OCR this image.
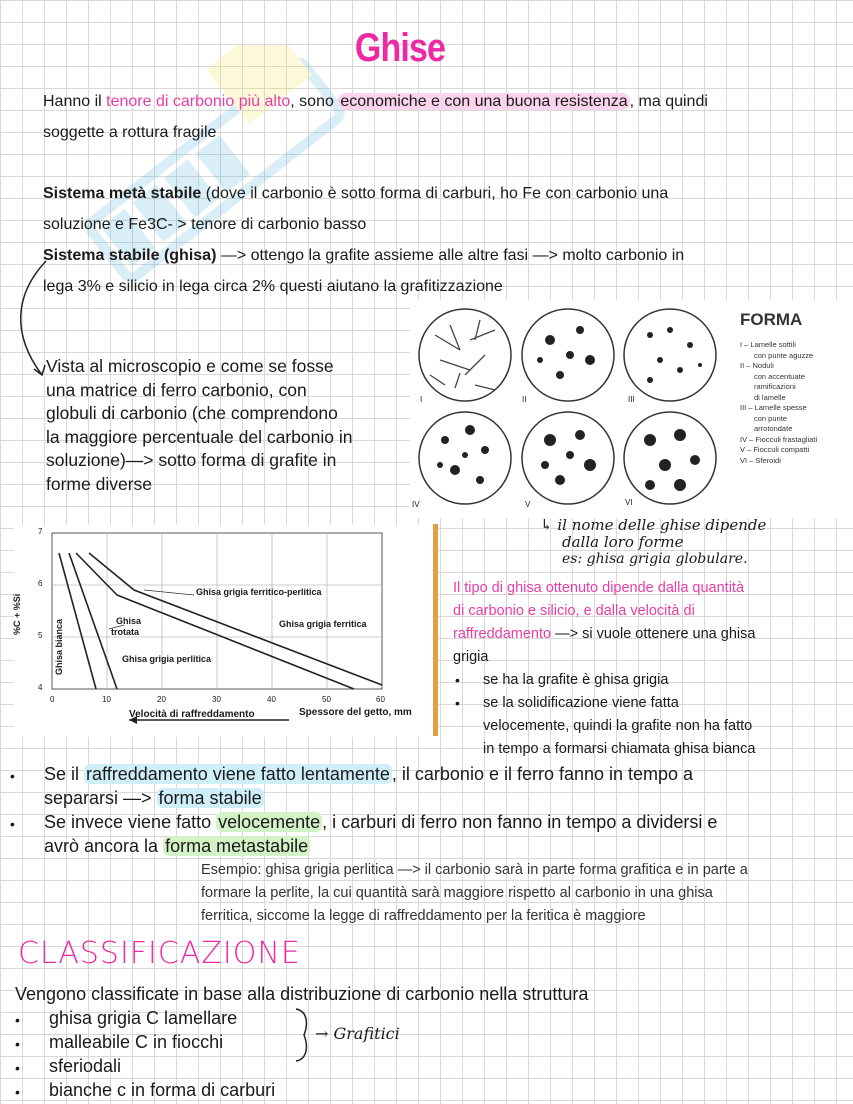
Ghise
Hanno il tenore di carbonio più alto, sono economiche e con una buona resistenza , ma quindi
soggette a rottura fragile
Sistema metà stabile (dove il carbonio è sotto forma di carburi, ho Fe con carbonio una
soluzione e Fe3C- > tenore di carbonio basso
Sistema stabile (ghisa) —> ottengo la grafite assieme alle altre fasi —> molto carbonio in
lega 3% e silicio in lega circa 2% questi aiutano la grafitizzazione
Vista al microscopio e come se fosse
una matrice di ferro carbonio, con
globuli di carbonio (che comprendono
la maggiore percentuale del carbonio in
soluzione)—> sotto forma di grafite in
forme diverse
I	II	III
IV	V	VI
FORMA
I – Lamelle sottili
con punte aguzze
II – Noduli
con accentuate
ramificazioni
di lamelle
III – Lamelle spesse
con punte
arrotondate
IV – Fiocculi frastagliati
V – Fiocculi compatti
VI – Sferoidi
↳ il nome delle ghise dipende
dalla loro forme
es: ghisa grigia globulare.
%C + %Si
7
6
5
4
0	10	20	30	40	50	60
Velocità di raffreddamento	Spessore del getto, mm
Ghisa grigia ferritico-perlitica
Ghisa grigia ferritica
Ghisa
trotata
Ghisa grigia perlitica
Ghisa bianca
Il tipo di ghisa ottenuto dipende dalla quantità
di carbonio e silicio, e dalla velocità di
raffreddamento —> si vuole ottenere una ghisa
grigia
• se ha la grafite è ghisa grigia
• se la solidificazione viene fatta
velocemente, quindi la grafite non ha fatto
in tempo a formarsi chiamata ghisa bianca
• Se il raffreddamento viene fatto lentamente , il carbonio e il ferro fanno in tempo a
separarsi —> forma stabile
• Se invece viene fatto velocemente , i carburi di ferro non fanno in tempo a dividersi e
avrò ancora la forma metastabile
Esempio: ghisa grigia perlitica —> il carbonio sarà in parte forma grafitica e in parte a
formare la perlite, la cui quantità sarà maggiore rispetto al carbonio in una ghisa
ferritica, siccome la legge di raffreddamento per la feritica è maggiore
CLASSIFICAZIONE
Vengono classificate in base alla distribuzione di carbonio nella struttura
• ghisa grigia C lamellare
• malleabile C in fiocchi
• sferiodali
• bianche c in forma di carburi
→ Grafitici
